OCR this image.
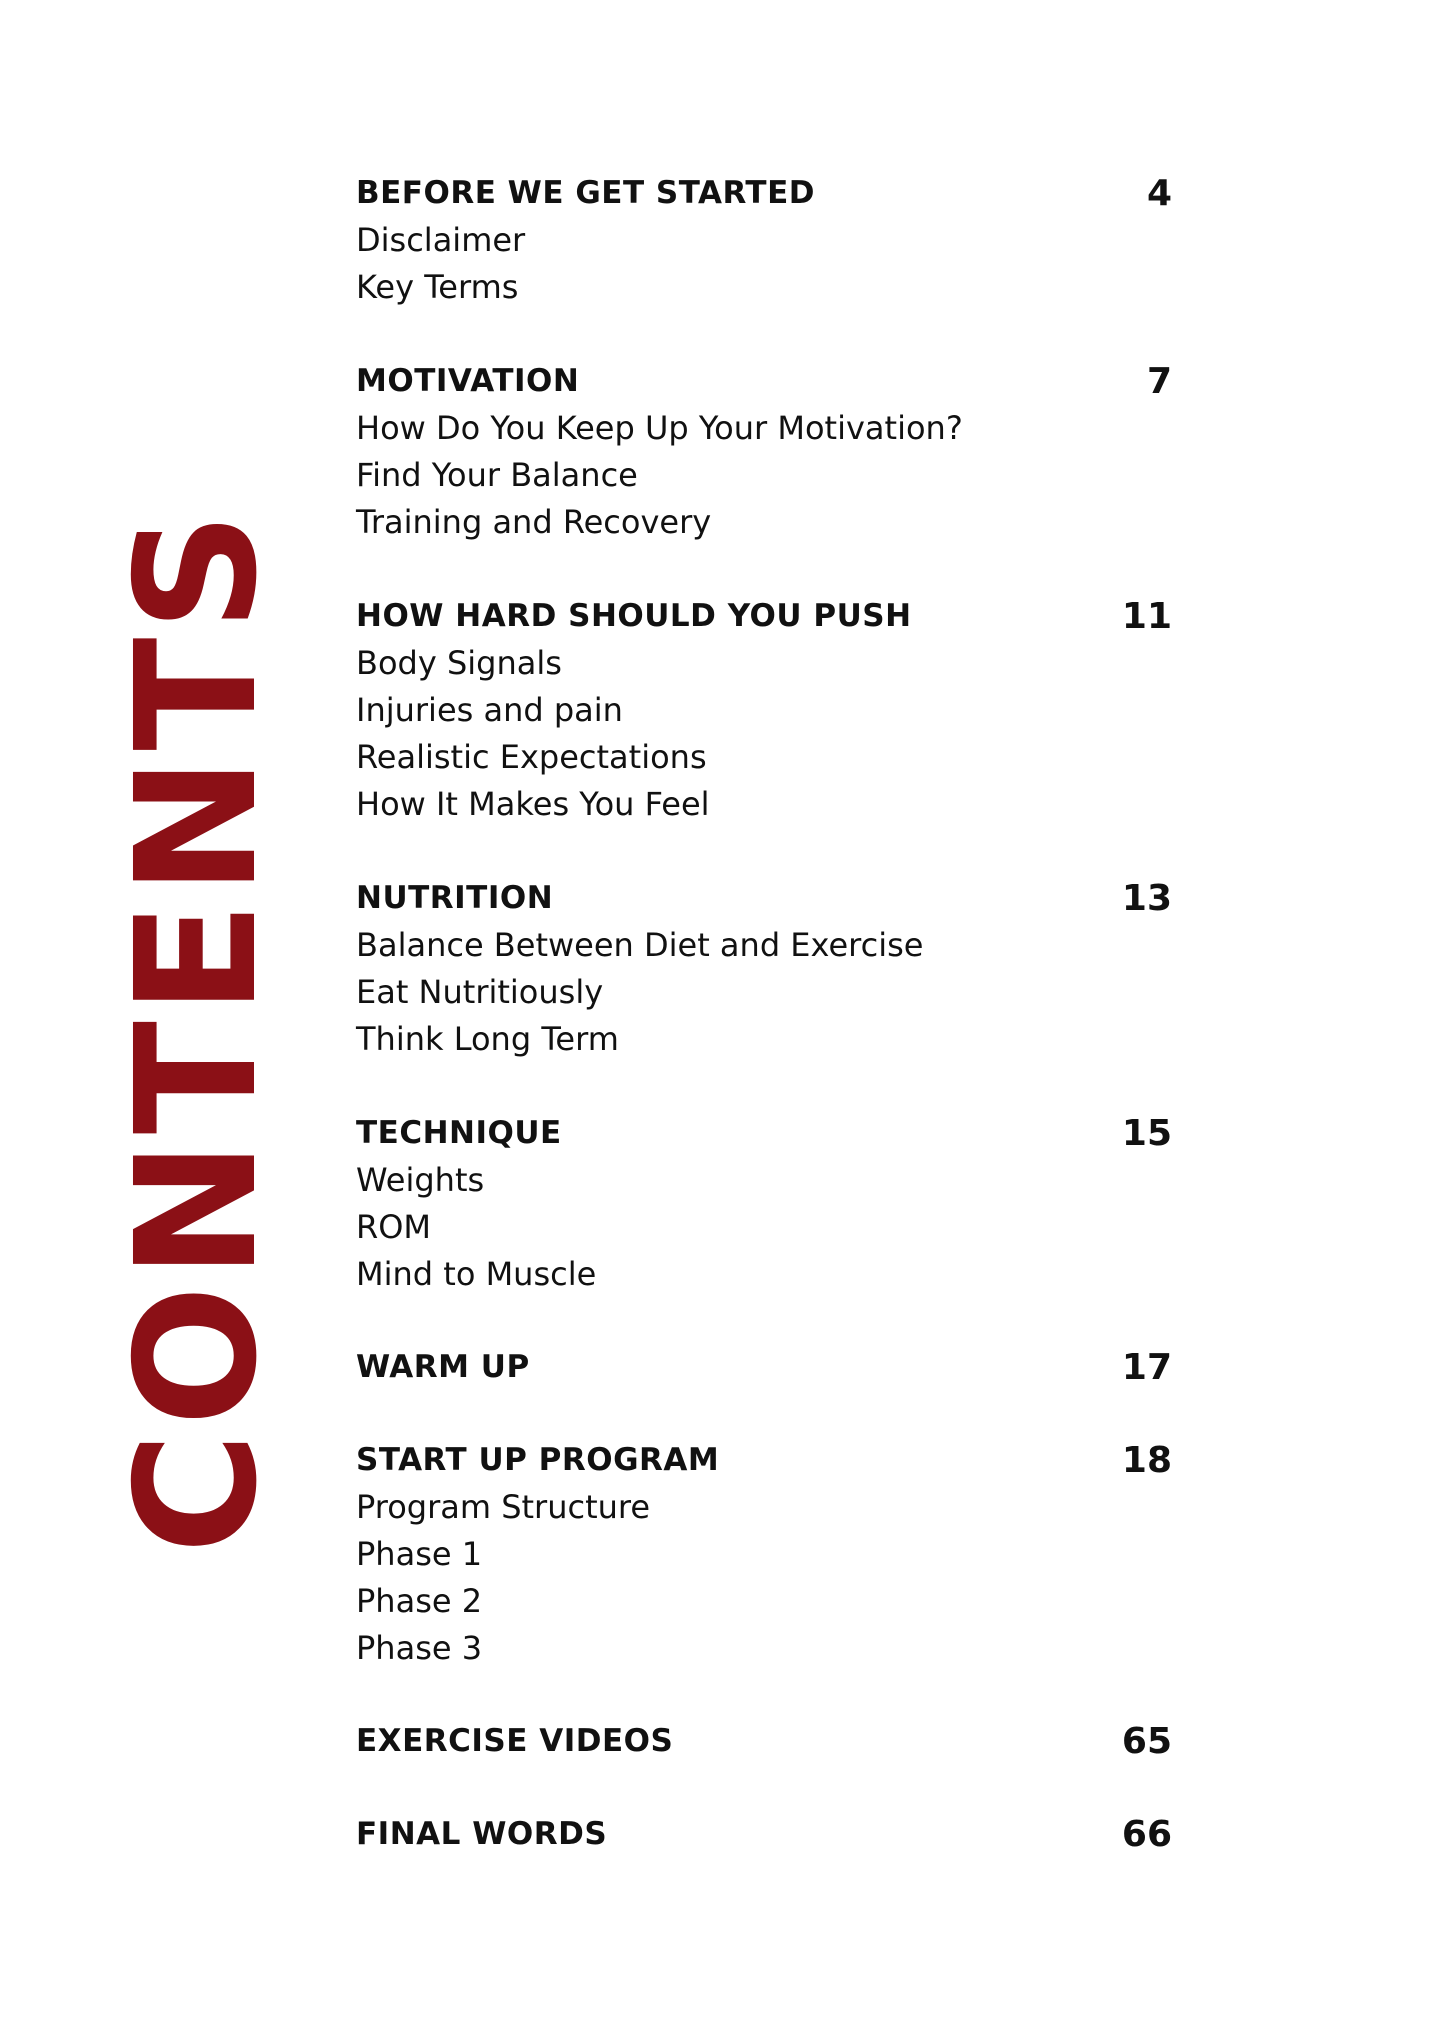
CONTENTS
BEFORE WE GET STARTED	4
Disclaimer
Key Terms
MOTIVATION	7
How Do You Keep Up Your Motivation?
Find Your Balance
Training and Recovery
HOW HARD SHOULD YOU PUSH	11
Body Signals
Injuries and pain
Realistic Expectations
How It Makes You Feel
NUTRITION	13
Balance Between Diet and Exercise
Eat Nutritiously
Think Long Term
TECHNIQUE	15
Weights
ROM
Mind to Muscle
WARM UP	17
START UP PROGRAM	18
Program Structure
Phase 1
Phase 2
Phase 3
EXERCISE VIDEOS	65
FINAL WORDS	66
